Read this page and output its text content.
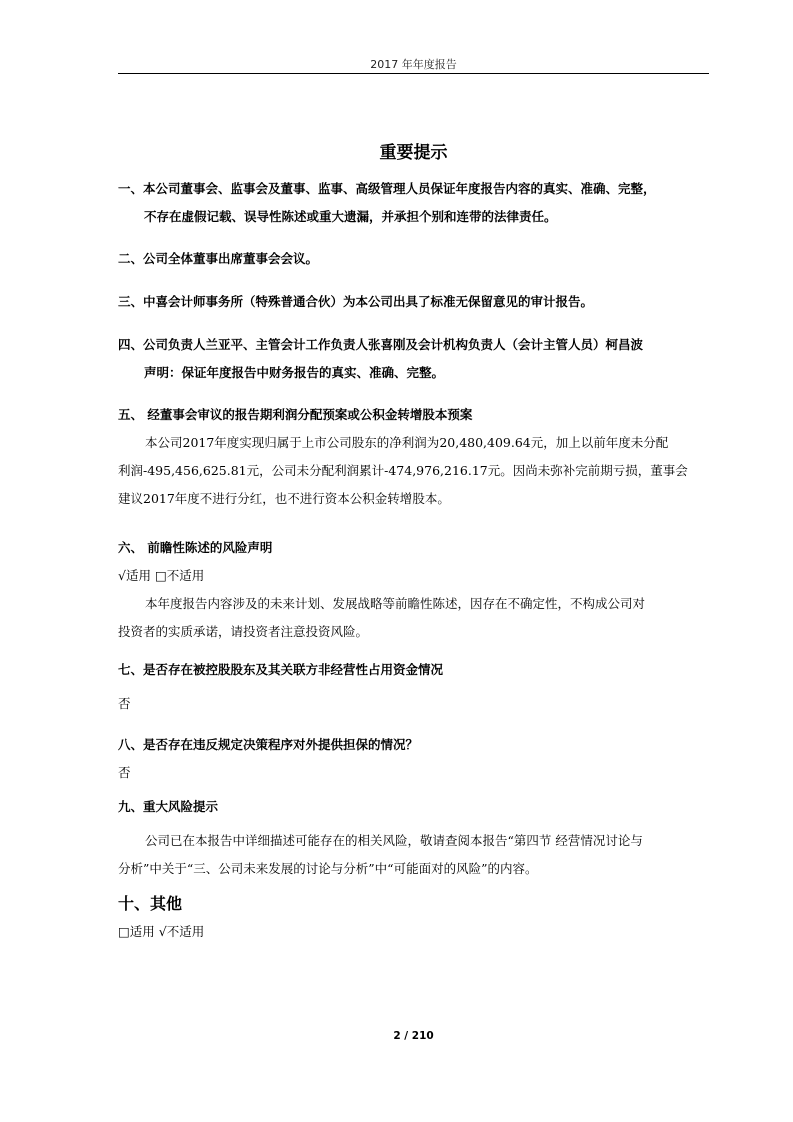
2017 年年度报告
重要提示
一、本公司董事会、监事会及董事、监事、高级管理人员保证年度报告内容的真实、准确、完整，
不存在虚假记载、误导性陈述或重大遗漏，并承担个别和连带的法律责任。
二、公司全体董事出席董事会会议。
三、中喜会计师事务所（特殊普通合伙）为本公司出具了标准无保留意见的审计报告。
四、公司负责人兰亚平、主管会计工作负责人张喜刚及会计机构负责人（会计主管人员）柯昌波
声明：保证年度报告中财务报告的真实、准确、完整。
五、 经董事会审议的报告期利润分配预案或公积金转增股本预案
本公司2017年度实现归属于上市公司股东的净利润为20,480,409.64元，加上以前年度未分配
利润-495,456,625.81元，公司未分配利润累计-474,976,216.17元。因尚未弥补完前期亏损，董事会
建议2017年度不进行分红，也不进行资本公积金转增股本。
六、 前瞻性陈述的风险声明
√适用 □不适用
本年度报告内容涉及的未来计划、发展战略等前瞻性陈述，因存在不确定性，不构成公司对
投资者的实质承诺，请投资者注意投资风险。
七、是否存在被控股股东及其关联方非经营性占用资金情况
否
八、是否存在违反规定决策程序对外提供担保的情况？
否
九、重大风险提示
公司已在本报告中详细描述可能存在的相关风险，敬请查阅本报告“第四节 经营情况讨论与
分析”中关于“三、公司未来发展的讨论与分析”中“可能面对的风险”的内容。
十、其他
□适用 √不适用
2 / 210
